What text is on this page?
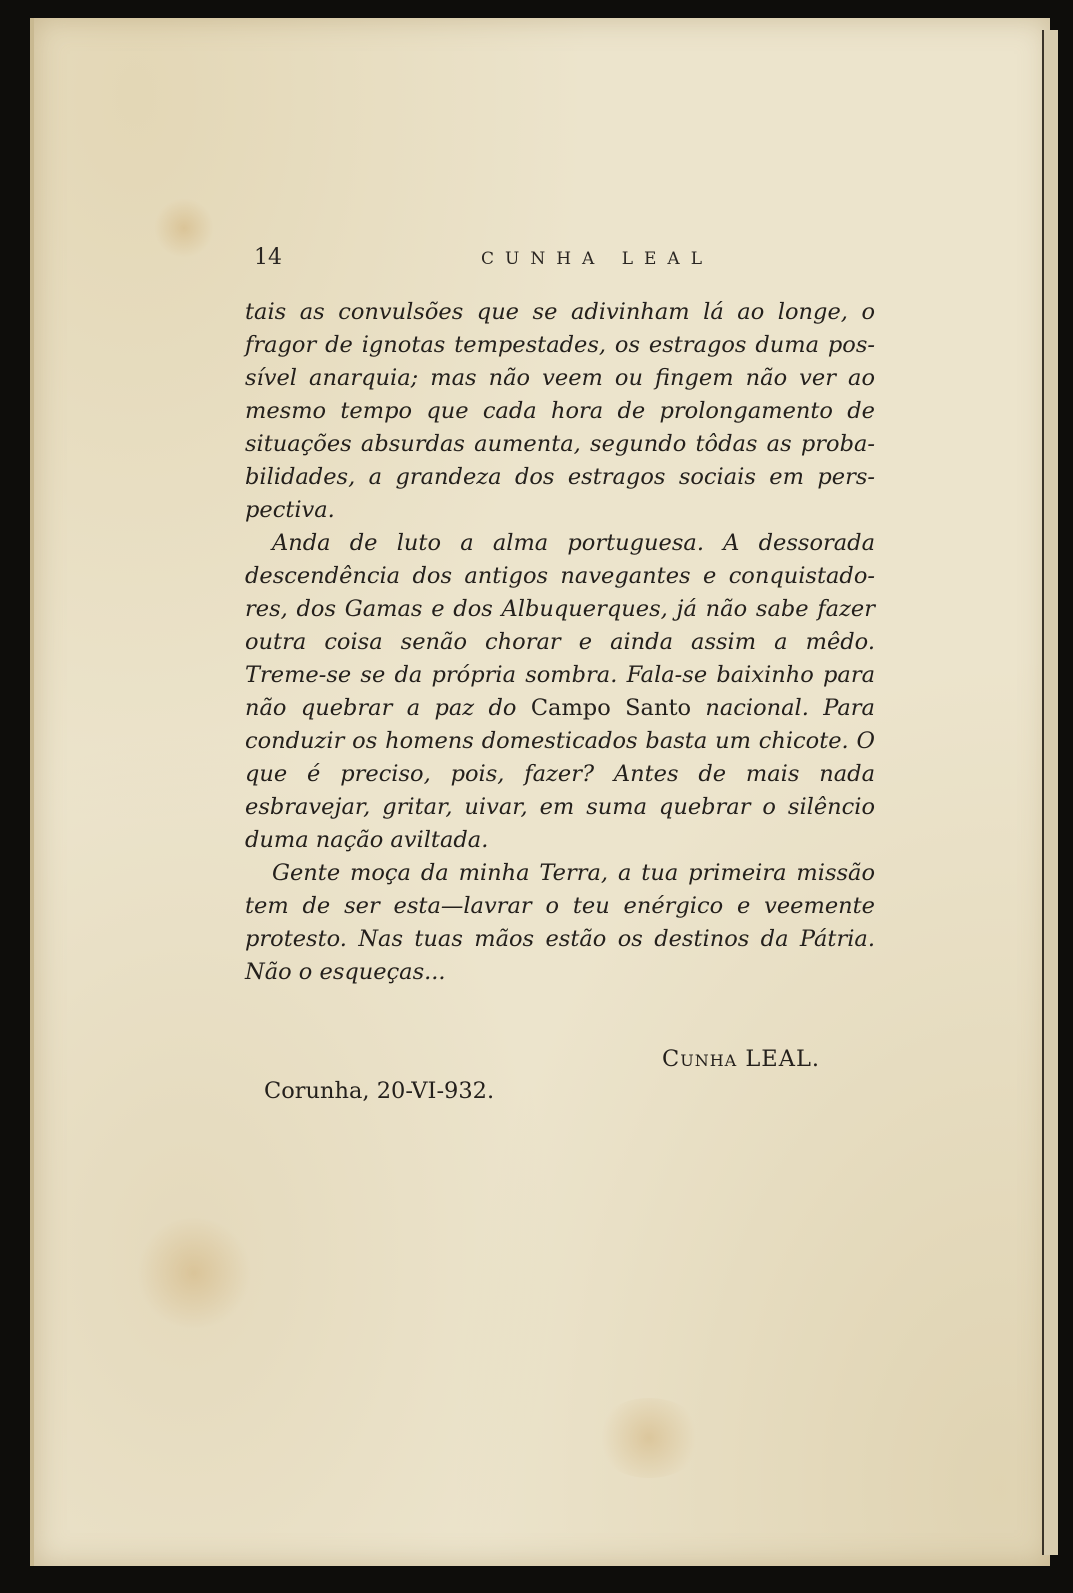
14	CUNHA LEAL

tais as convulsões que se adivinham lá ao longe, o fragor de ignotas tempestades, os estragos duma possível anarquia; mas não veem ou fingem não ver ao mesmo tempo que cada hora de prolongamento de situações absurdas aumenta, segundo tôdas as probabilidades, a grandeza dos estragos sociais em perspectiva.

Anda de luto a alma portuguesa. A dessorada descendência dos antigos navegantes e conquistadores, dos Gamas e dos Albuquerques, já não sabe fazer outra coisa senão chorar e ainda assim a mêdo. Treme-se se da própria sombra. Fala-se baixinho para não quebrar a paz do Campo Santo nacional. Para conduzir os homens domesticados basta um chicote. O que é preciso, pois, fazer? Antes de mais nada esbravejar, gritar, uivar, em suma quebrar o silêncio duma nação aviltada.

Gente moça da minha Terra, a tua primeira missão tem de ser esta—lavrar o teu enérgico e veemente protesto. Nas tuas mãos estão os destinos da Pátria. Não o esqueças...

Cunha LEAL.
Corunha, 20-VI-932.
